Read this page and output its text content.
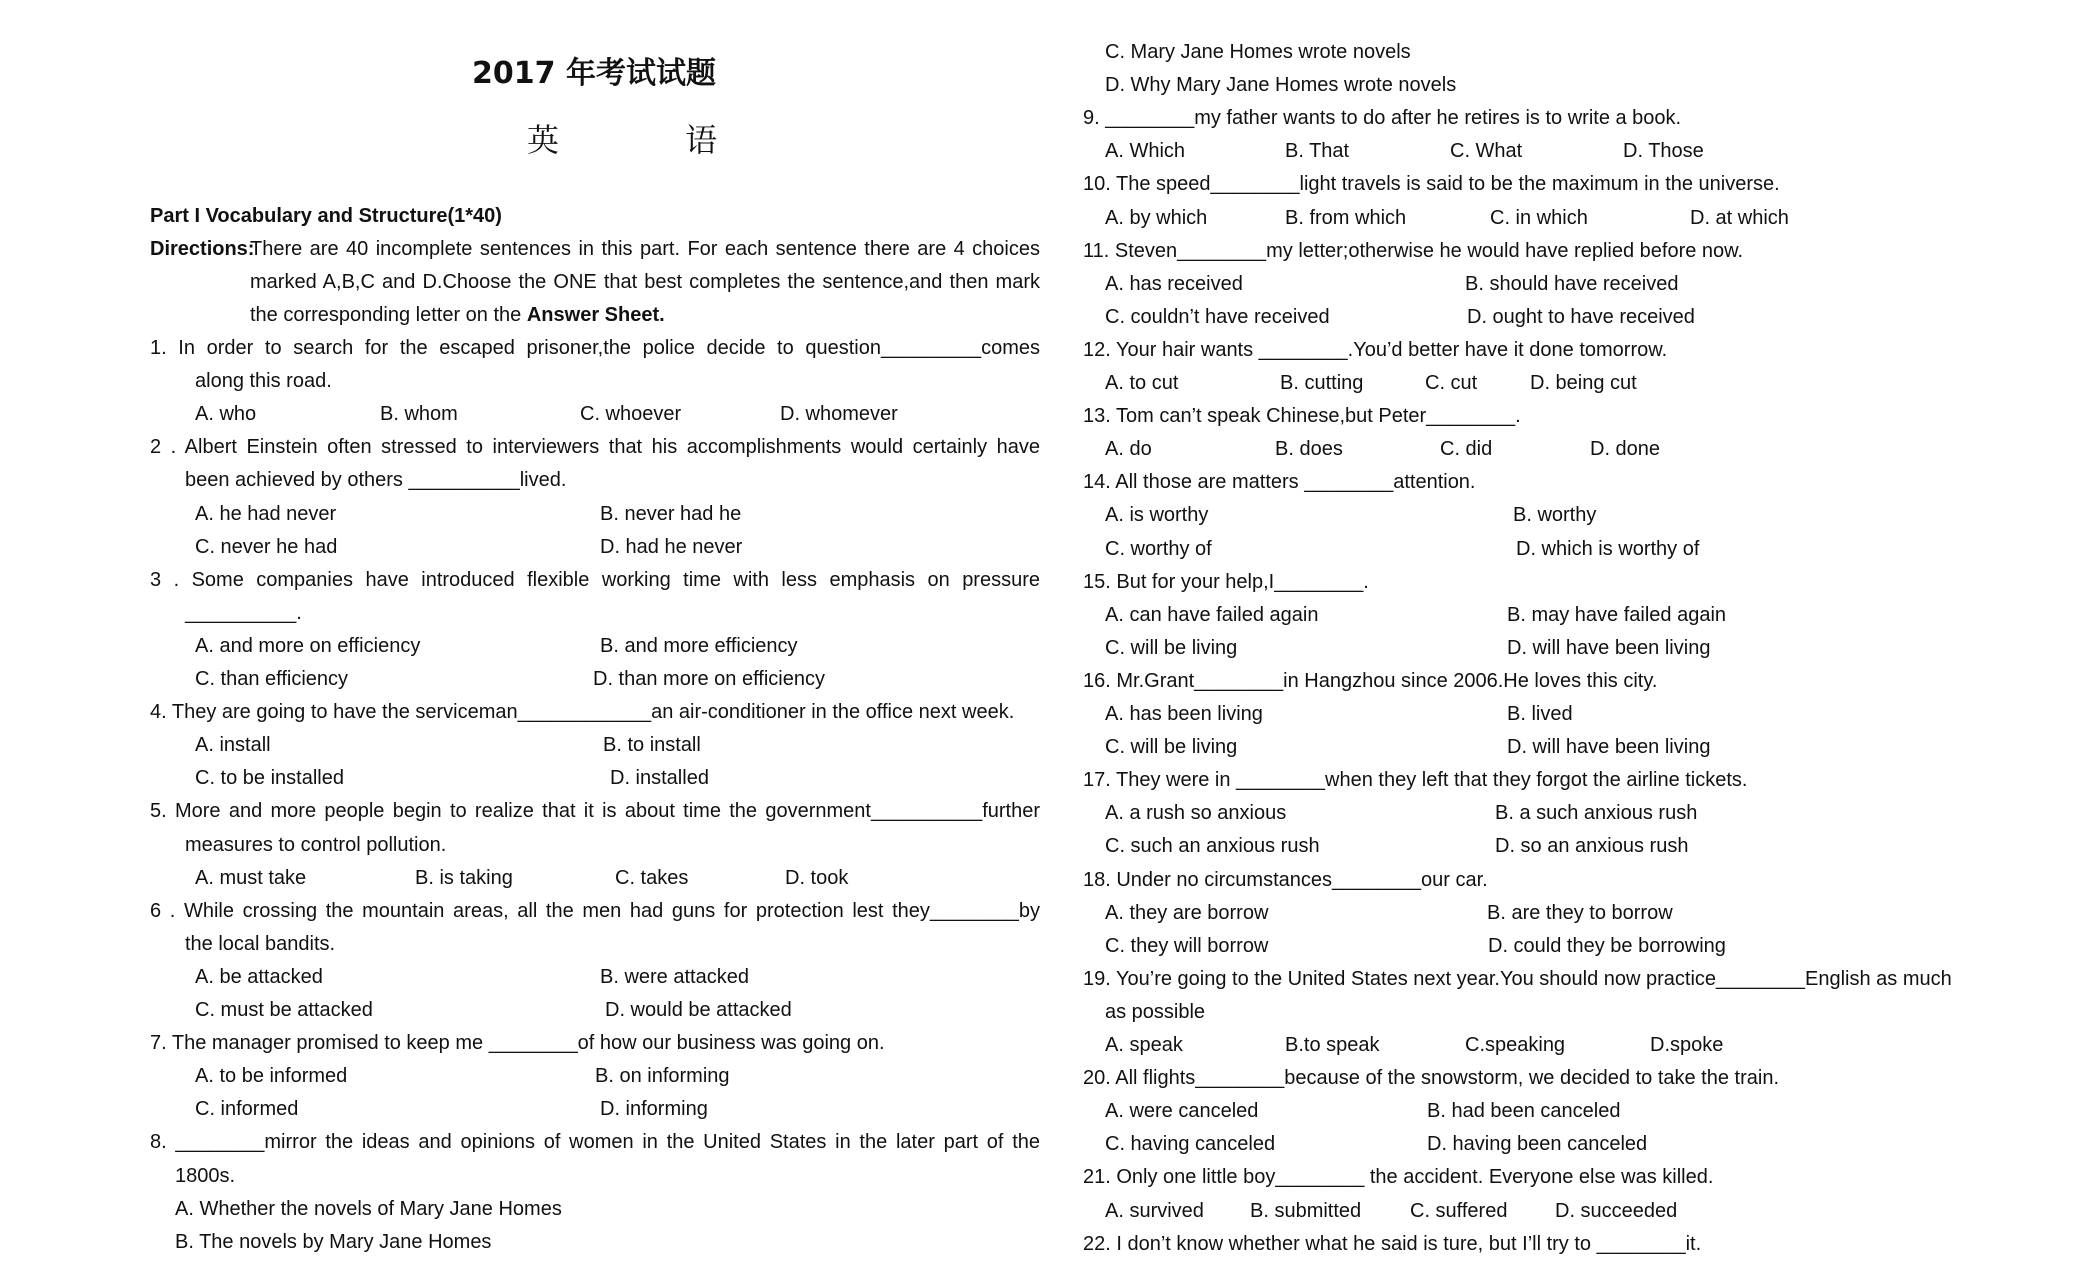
2017 年考试试题
英 语
Part I Vocabulary and Structure(1*40)
Directions:
There are 40 incomplete sentences in this part. For each sentence there are 4 choices
marked A,B,C and D.Choose the ONE that best completes the sentence,and then mark
the corresponding letter on the Answer Sheet.
1. In order to search for the escaped prisoner,the police decide to question_________comes
along this road.
A. who	B. whom	C. whoever	D. whomever
2 . Albert Einstein often stressed to interviewers that his accomplishments would certainly have
been achieved by others __________lived.
A. he had never	B. never had he
C. never he had	D. had he never
3 . Some companies have introduced flexible working time with less emphasis on pressure
__________.
A. and more on efficiency	B. and more efficiency
C. than efficiency	D. than more on efficiency
4. They are going to have the serviceman____________an air-conditioner in the office next week.
A. install	B. to install
C. to be installed	D. installed
5. More and more people begin to realize that it is about time the government__________further
measures to control pollution.
A. must take	B. is taking	C. takes	D. took
6 . While crossing the mountain areas, all the men had guns for protection lest they________by
the local bandits.
A. be attacked	B. were attacked
C. must be attacked	D. would be attacked
7. The manager promised to keep me ________of how our business was going on.
A. to be informed	B. on informing
C. informed	D. informing
8. ________mirror the ideas and opinions of women in the United States in the later part of the
1800s.
A. Whether the novels of Mary Jane Homes
B. The novels by Mary Jane Homes
C. Mary Jane Homes wrote novels
D. Why Mary Jane Homes wrote novels
9. ________my father wants to do after he retires is to write a book.
A. Which	B. That	C. What	D. Those
10. The speed________light travels is said to be the maximum in the universe.
A. by which	B. from which	C. in which	D. at which
11. Steven________my letter;otherwise he would have replied before now.
A. has received	B. should have received
C. couldn’t have received	D. ought to have received
12. Your hair wants ________.You’d better have it done tomorrow.
A. to cut	B. cutting	C. cut	D. being cut
13. Tom can’t speak Chinese,but Peter________.
A. do	B. does	C. did	D. done
14. All those are matters ________attention.
A. is worthy	B. worthy
C. worthy of	D. which is worthy of
15. But for your help,I________.
A. can have failed again	B. may have failed again
C. will be living	D. will have been living
16. Mr.Grant________in Hangzhou since 2006.He loves this city.
A. has been living	B. lived
C. will be living	D. will have been living
17. They were in ________when they left that they forgot the airline tickets.
A. a rush so anxious	B. a such anxious rush
C. such an anxious rush	D. so an anxious rush
18. Under no circumstances________our car.
A. they are borrow	B. are they to borrow
C. they will borrow	D. could they be borrowing
19. You’re going to the United States next year.You should now practice________English as much
as possible
A. speak	B.to speak	C.speaking	D.spoke
20. All flights________because of the snowstorm, we decided to take the train.
A. were canceled	B. had been canceled
C. having canceled	D. having been canceled
21. Only one little boy________ the accident. Everyone else was killed.
A. survived B. submitted C. suffered D. succeeded
22. I don’t know whether what he said is ture, but I’ll try to ________it.
